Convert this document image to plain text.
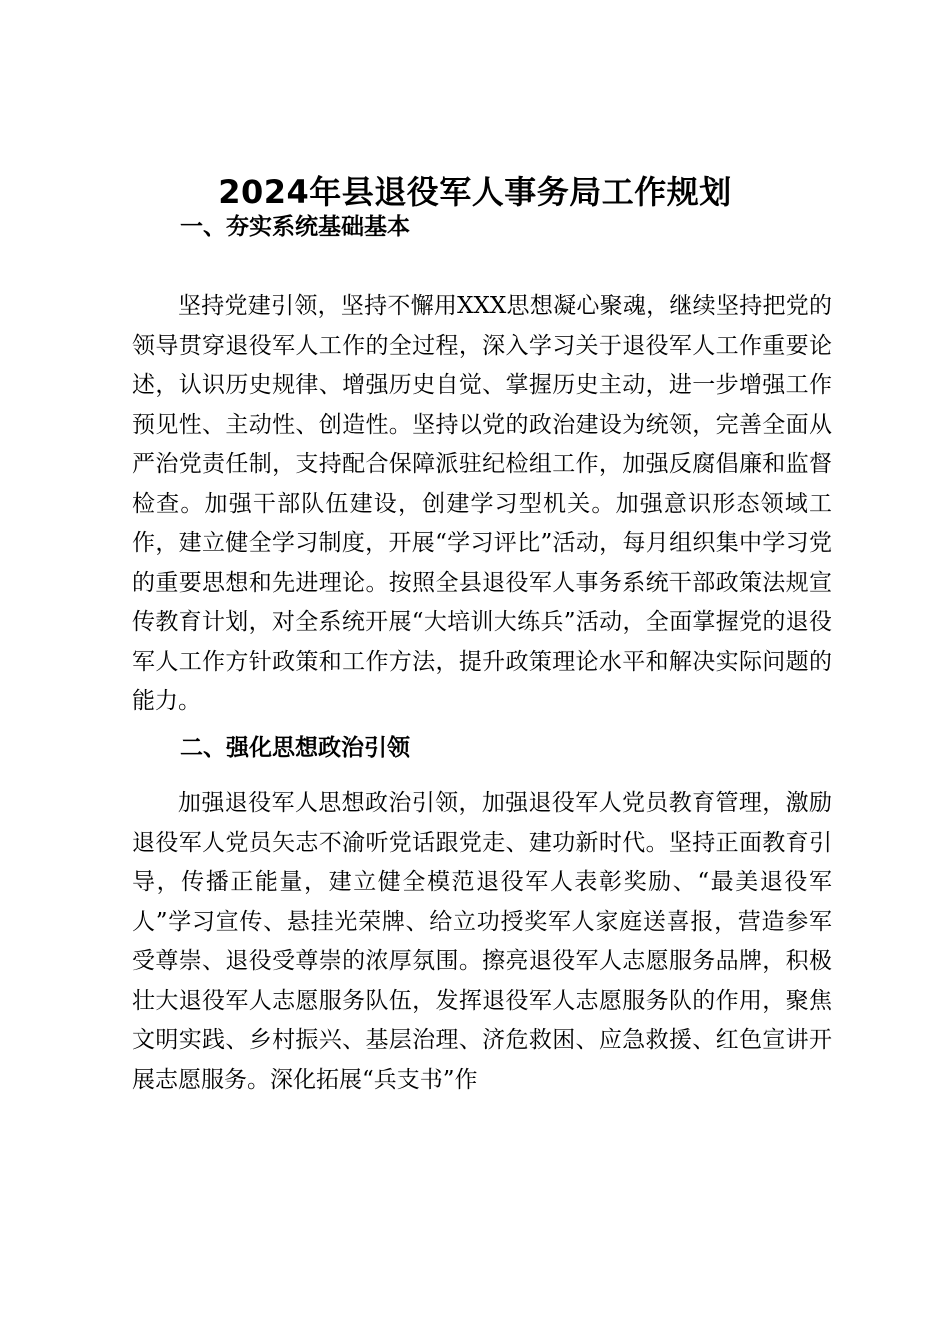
2024年县退役军人事务局工作规划
一、夯实系统基础基本

坚持党建引领，坚持不懈用XXX思想凝心聚魂，继续坚持把党的领导贯穿退役军人工作的全过程，深入学习关于退役军人工作重要论述，认识历史规律、增强历史自觉、掌握历史主动，进一步增强工作预见性、主动性、创造性。坚持以党的政治建设为统领，完善全面从严治党责任制，支持配合保障派驻纪检组工作，加强反腐倡廉和监督检查。加强干部队伍建设，创建学习型机关。加强意识形态领域工作，建立健全学习制度，开展“学习评比”活动，每月组织集中学习党的重要思想和先进理论。按照全县退役军人事务系统干部政策法规宣传教育计划，对全系统开展“大培训大练兵”活动，全面掌握党的退役军人工作方针政策和工作方法，提升政策理论水平和解决实际问题的能力。

二、强化思想政治引领

加强退役军人思想政治引领，加强退役军人党员教育管理，激励退役军人党员矢志不渝听党话跟党走、建功新时代。坚持正面教育引导，传播正能量，建立健全模范退役军人表彰奖励、“最美退役军人”学习宣传、悬挂光荣牌、给立功授奖军人家庭送喜报，营造参军受尊崇、退役受尊崇的浓厚氛围。擦亮退役军人志愿服务品牌，积极壮大退役军人志愿服务队伍，发挥退役军人志愿服务队的作用，聚焦文明实践、乡村振兴、基层治理、济危救困、应急救援、红色宣讲开展志愿服务。深化拓展“兵支书”作
